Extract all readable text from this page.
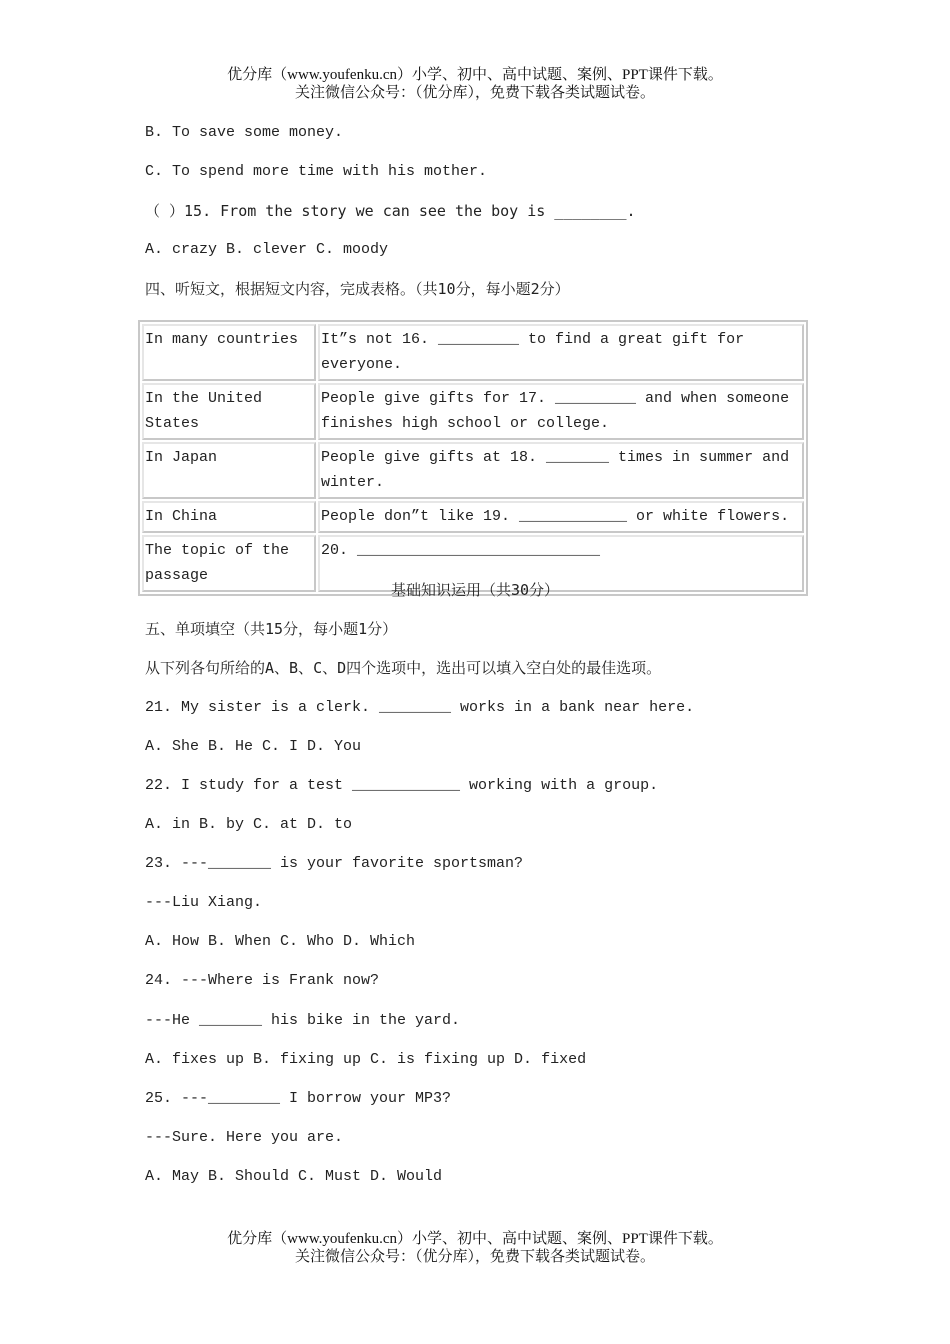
优分库（www.youfenku.cn）小学、初中、高中试题、案例、PPT课件下载。
关注微信公众号：（优分库），免费下载各类试题试卷。
B. To save some money.
C. To spend more time with his mother.
（ ）15. From the story we can see the boy is ________.
A. crazy B. clever C. moody
四、听短文，根据短文内容，完成表格。（共10分，每小题2分）
In many countries	It”s not 16. _________ to find a great gift for everyone.
In the United States	People give gifts for 17. _________ and when someone finishes high school or college.
In Japan	People give gifts at 18. _______ times in summer and winter.
In China	People don”t like 19. ____________ or white flowers.
The topic of the passage	20. ___________________________
基础知识运用（共30分）
五、单项填空（共15分，每小题1分）
从下列各句所给的A、B、C、D四个选项中，选出可以填入空白处的最佳选项。
21. My sister is a clerk. ________ works in a bank near here.
A. She B. He C. I D. You
22. I study for a test ____________ working with a group.
A. in B. by C. at D. to
23. ---_______ is your favorite sportsman?
---Liu Xiang.
A. How B. When C. Who D. Which
24. ---Where is Frank now?
---He _______ his bike in the yard.
A. fixes up B. fixing up C. is fixing up D. fixed
25. ---________ I borrow your MP3?
---Sure. Here you are.
A. May B. Should C. Must D. Would
优分库（www.youfenku.cn）小学、初中、高中试题、案例、PPT课件下载。
关注微信公众号：（优分库），免费下载各类试题试卷。
